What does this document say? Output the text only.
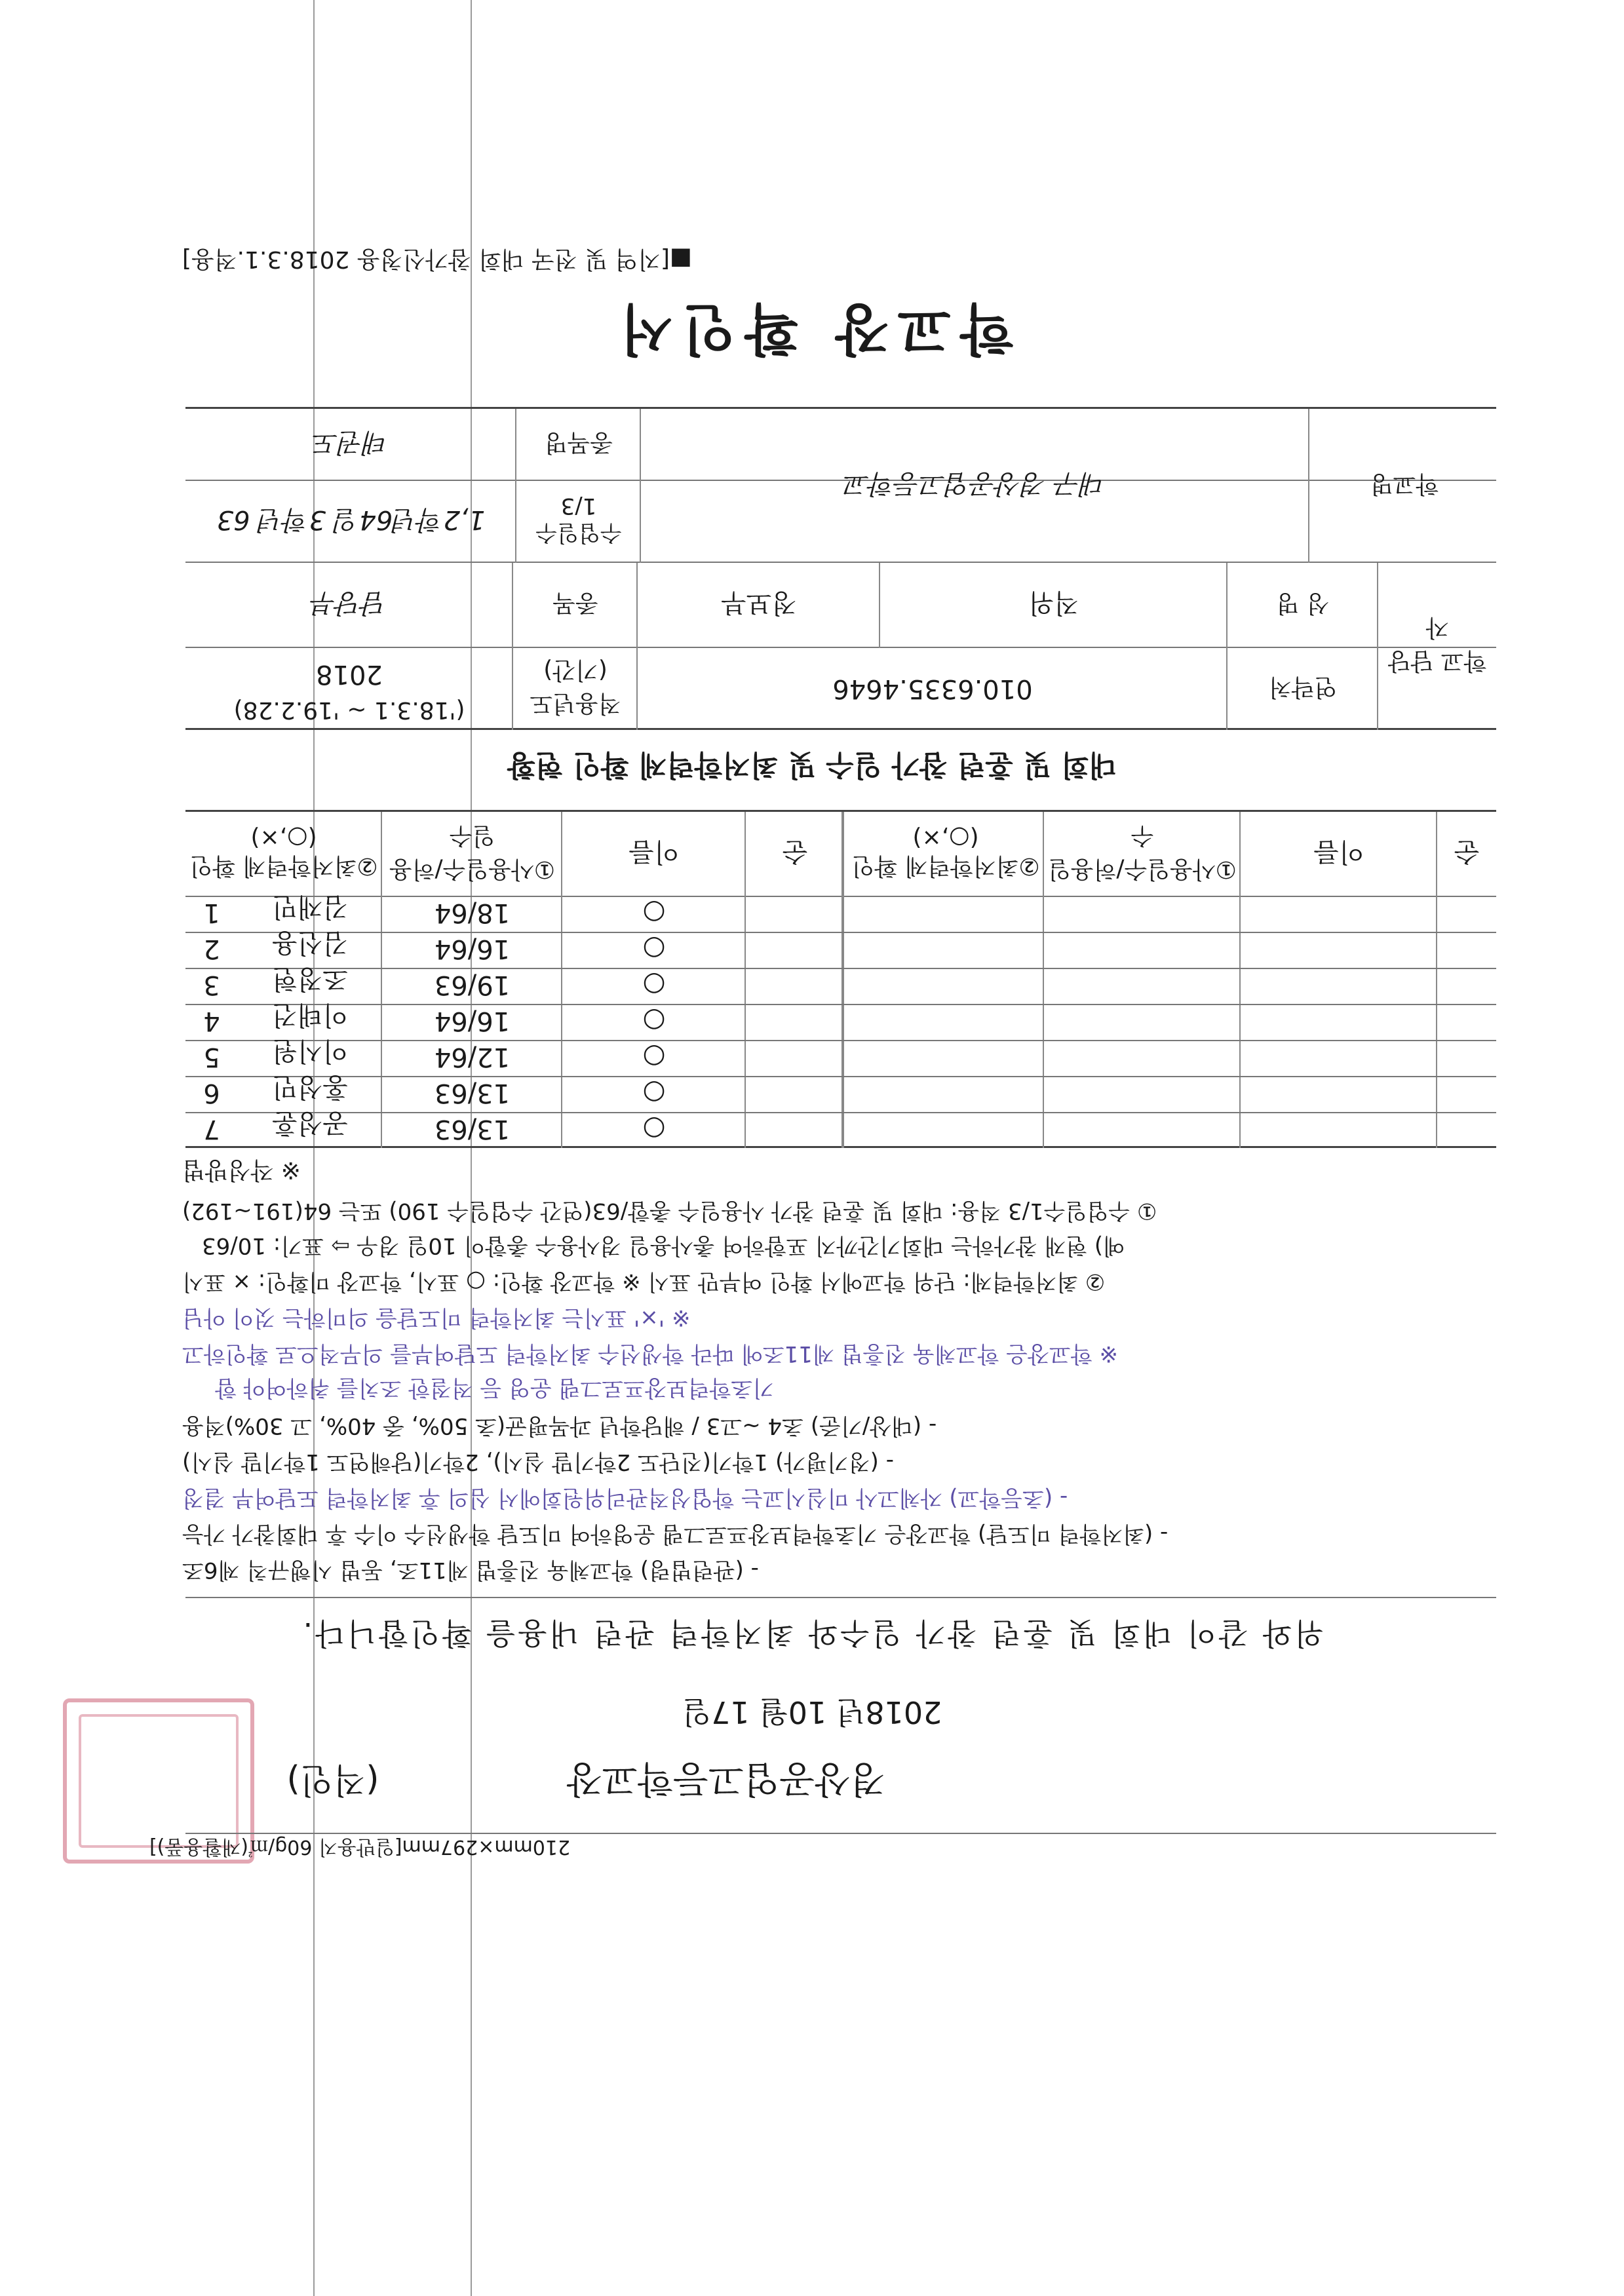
■[지역 및 전국 대회 참가신청용 2018.3.1.적용]
학교장 확인서
학교명
대구 경상공업고등학교
종목명
태권도
수업일수 1/3
1,2학년64일 3학년 63
학교 담당자
성 명
연락처
직위
010.6335.4646
정보부
종목
적용년도 (기간)
담당부
2018
('18.3.1 ~ '19.2.28)
대회 및 훈련 참가 일수 및 최저학력제 확인 현황
순
이름
①사용일수/허용일수
②최저학력제 확인(○,×)
순
이름
①사용일수/허용일수
②최저학력제 확인(○,×)
○
18/64
김재민
1
○
16/64
김신용
2
○
19/63
조정현
3
○
16/64
이태건
4
○
12/64
이시원
5
○
13/63
홍성민
6
○
13/63
공성훈
7
※ 작성방법
① 수업일수1/3 적용: 대회 및 훈련 참가 사용일수 총합/63(연간 수업일수 190) 또는 64(191~192)
예) 현재 참가하는 대회기간까지 포함하여 총사용일 경사용수 총합이 10일 경우 ⇨ 표기: 10/63
② 최저학력제: 단위 학교에서 확인 여부만 표시 ※ 학교장 확인: ○ 표시, 학교장 미확인: × 표시
※ '×' 표시는 최저학력 미도달을 의미하는 것이 아님
※ 학교장은 학교체육 진흥법 제11조에 따라 학생선수 최저학력 도달여부를 의무적으로 확인하고
기초학력보장프로그램 운영 등 적절한 조치를 취하여야 함
- (대상/기준) 초4 ~고3 / 해당학년 과목평균(초 50%, 중 40%, 고 30%)적용
- (정기평가) 1학기(진단도 2학기말 실시), 2학기(당해연도 1학기말 실시)
- (초등학교) 자체고사 미실시교는 학업성적관리위원회에서 심의 후 최저학력 도달여부 결정
- (최저학력 미도달) 학교장은 기초학력보장프로그램 운영하여 미도달 학생선수 이수 후 대회참가 가능
- (관련법령) 학교체육 진흥법 제11조, 동법 시행규칙 제6조
위와 같이 대회 및 훈련 참가 일수와 최저학력 관련 내용을 확인합니다.
2018년 10월 17일
경상공업고등학교장
(직인)
210mm×297mm[일반용지 60g/㎡(재활용품)]
